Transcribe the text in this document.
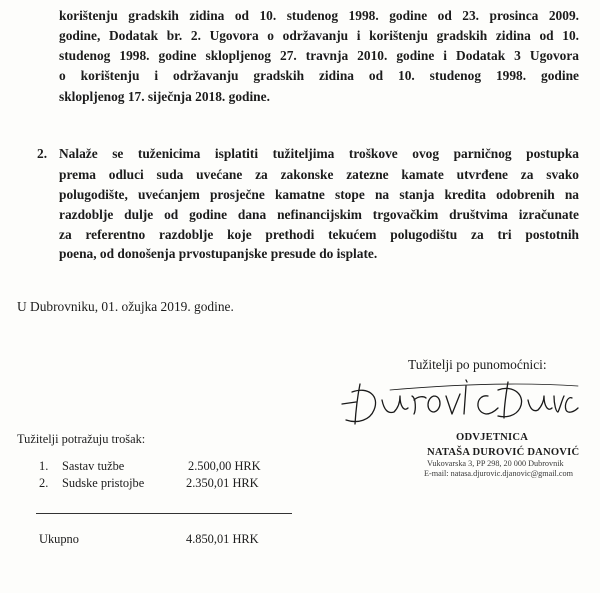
korištenju gradskih zidina od 10. studenog 1998. godine od 23. prosinca 2009.
godine, Dodatak br. 2. Ugovora o održavanju i korištenju gradskih zidina od 10.
studenog 1998. godine sklopljenog 27. travnja 2010. godine i Dodatak 3 Ugovora
o korištenju i održavanju gradskih zidina od 10. studenog 1998. godine
sklopljenog 17. siječnja 2018. godine.
2. Nalaže se tuženicima isplatiti tužiteljima troškove ovog parničnog postupka
prema odluci suda uvećane za zakonske zatezne kamate utvrđene za svako
polugodište, uvećanjem prosječne kamatne stope na stanja kredita odobrenih na
razdoblje dulje od godine dana nefinancijskim trgovačkim društvima izračunate
za referentno razdoblje koje prethodi tekućem polugodištu za tri postotnih
poena, od donošenja prvostupanjske presude do isplate.
U Dubrovniku, 01. ožujka 2019. godine.
Tužitelji po punomoćnici:
ODVJETNICA
NATAŠA DUROVIĆ DANOVIĆ
Vukovarska 3, PP 298, 20 000 Dubrovnik
E-mail: natasa.djurovic.djanovic@gmail.com
Tužitelji potražuju trošak:
1. Sastav tužbe	2.500,00 HRK
2. Sudske pristojbe	2.350,01 HRK
Ukupno	4.850,01 HRK
